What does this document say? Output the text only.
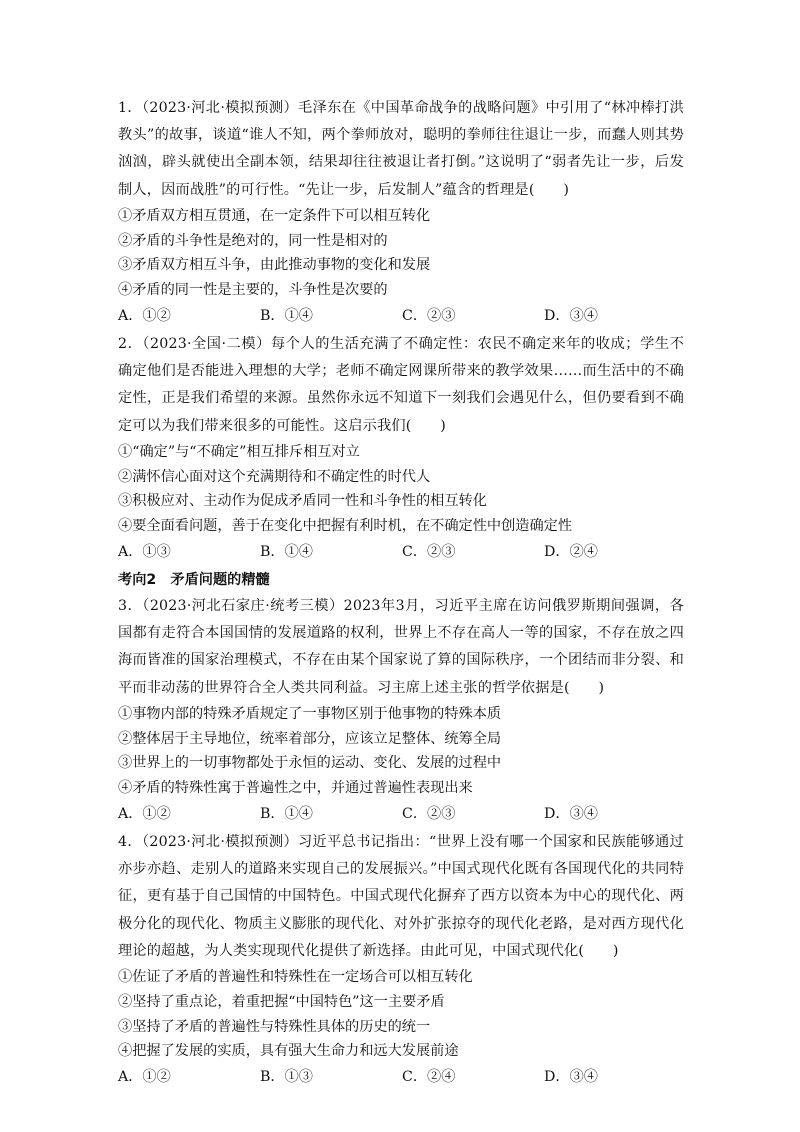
1．（2023·河北·模拟预测）毛泽东在《中国革命战争的战略问题》中引用了“林冲棒打洪教头”的故事，谈道“谁人不知，两个拳师放对，聪明的拳师往往退让一步，而蠢人则其势汹汹，辟头就使出全副本领，结果却往往被退让者打倒。”这说明了“弱者先让一步，后发制人，因而战胜”的可行性。“先让一步，后发制人”蕴含的哲理是(　　)

①矛盾双方相互贯通，在一定条件下可以相互转化

②矛盾的斗争性是绝对的，同一性是相对的

③矛盾双方相互斗争，由此推动事物的变化和发展

④矛盾的同一性是主要的，斗争性是次要的

A．①②	B．①④	C．②③	D．③④

2．（2023·全国·二模）每个人的生活充满了不确定性：农民不确定来年的收成；学生不确定他们是否能进入理想的大学；老师不确定网课所带来的教学效果……而生活中的不确定性，正是我们希望的来源。虽然你永远不知道下一刻我们会遇见什么，但仍要看到不确定可以为我们带来很多的可能性。这启示我们(　　)

①“确定”与“不确定”相互排斥相互对立

②满怀信心面对这个充满期待和不确定性的时代人

③积极应对、主动作为促成矛盾同一性和斗争性的相互转化

④要全面看问题，善于在变化中把握有利时机，在不确定性中创造确定性

A．①③	B．①④	C．②③	D．②④

考向2　矛盾问题的精髓

3．（2023·河北石家庄·统考三模）2023年3月，习近平主席在访问俄罗斯期间强调，各国都有走符合本国国情的发展道路的权利，世界上不存在高人一等的国家，不存在放之四海而皆准的国家治理模式，不存在由某个国家说了算的国际秩序，一个团结而非分裂、和平而非动荡的世界符合全人类共同利益。习主席上述主张的哲学依据是(　　)

①事物内部的特殊矛盾规定了一事物区别于他事物的特殊本质

②整体居于主导地位，统率着部分，应该立足整体、统筹全局

③世界上的一切事物都处于永恒的运动、变化、发展的过程中

④矛盾的特殊性寓于普遍性之中，并通过普遍性表现出来

A．①②	B．①④	C．②③	D．③④

4．（2023·河北·模拟预测）习近平总书记指出：“世界上没有哪一个国家和民族能够通过亦步亦趋、走别人的道路来实现自己的发展振兴。”中国式现代化既有各国现代化的共同特征，更有基于自己国情的中国特色。中国式现代化摒弃了西方以资本为中心的现代化、两极分化的现代化、物质主义膨胀的现代化、对外扩张掠夺的现代化老路，是对西方现代化理论的超越，为人类实现现代化提供了新选择。由此可见，中国式现代化(　　)

①佐证了矛盾的普遍性和特殊性在一定场合可以相互转化

②坚持了重点论，着重把握“中国特色”这一主要矛盾

③坚持了矛盾的普遍性与特殊性具体的历史的统一

④把握了发展的实质，具有强大生命力和远大发展前途

A．①②	B．①③	C．②④	D．③④
